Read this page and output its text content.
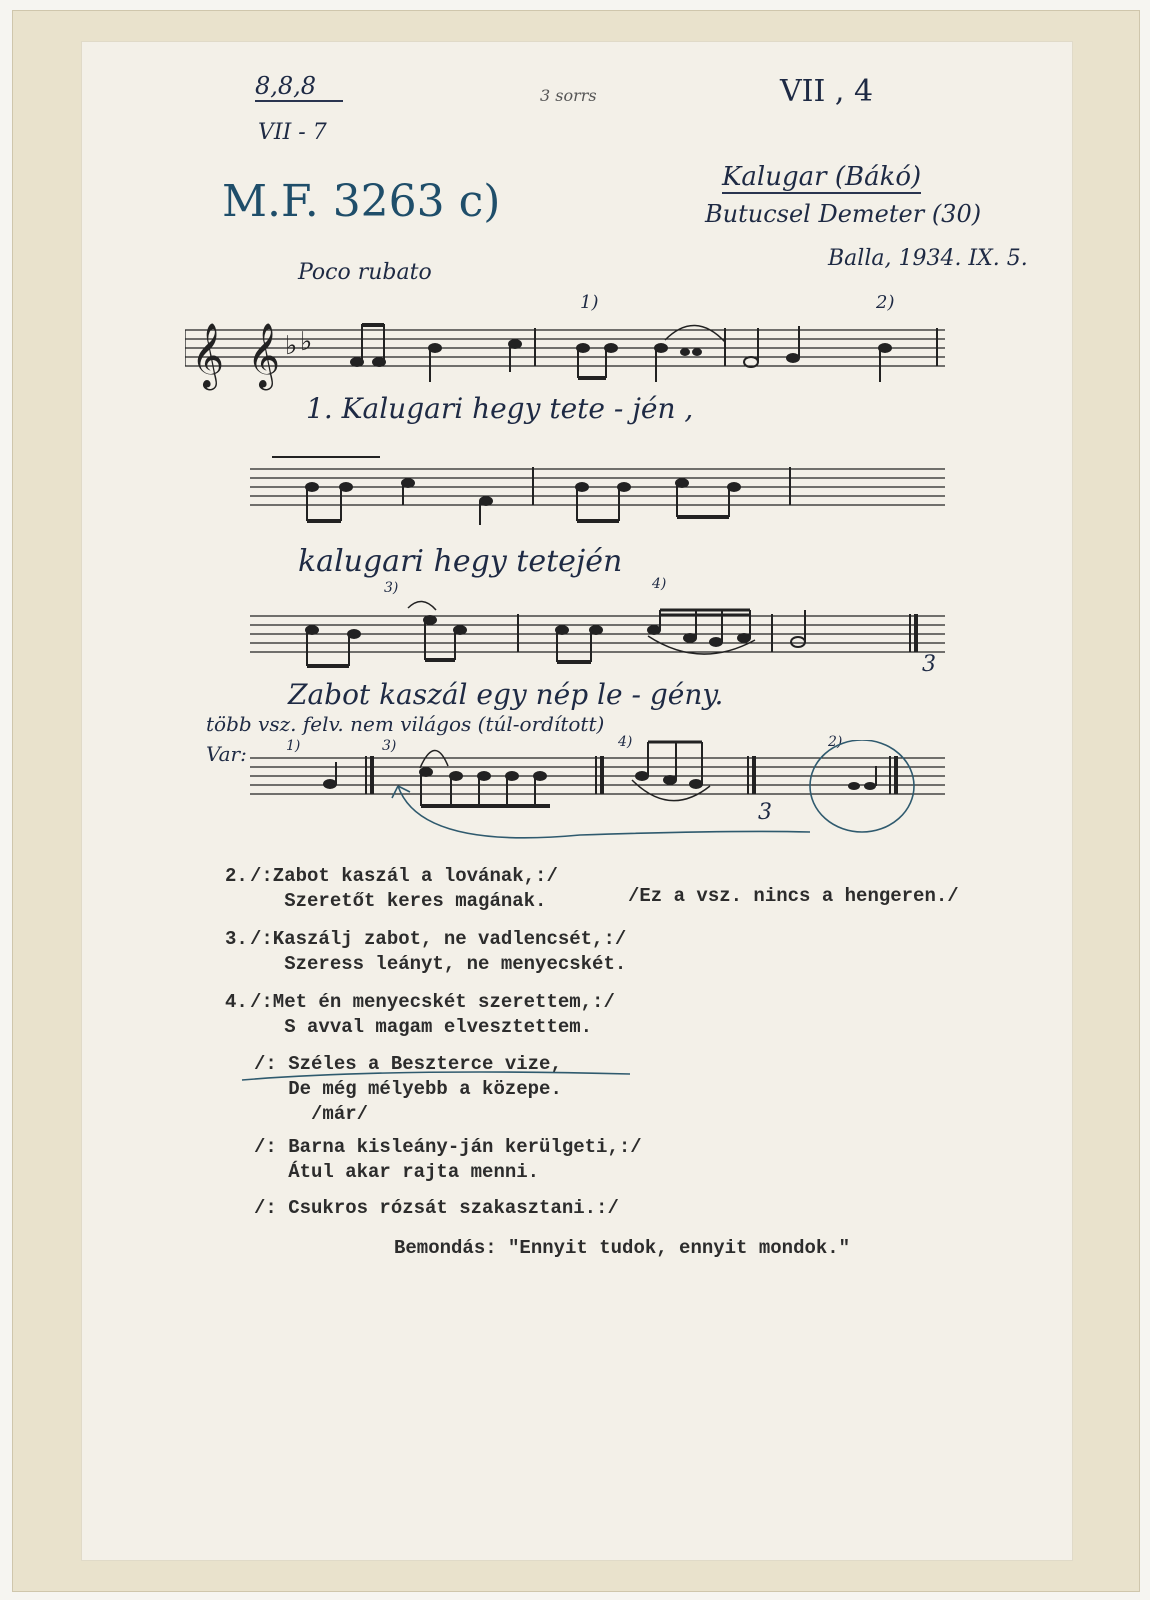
8,8,8
VII - 7
3 sorrs	VII , 4
M.F. 3263 c)	Kalugar (Bákó)
Butucsel Demeter (30)
Balla, 1934. IX. 5.
Poco rubato
𝄞 𝄞 ♭ ♭
1)	2)
1. Kalugari hegy tete - jén ,
kalugari hegy tetején
3)	4)
Zabot kaszál egy nép le - gény.
3
több vsz. felv. nem világos (túl-ordított)
Var:	1)	3)	4)	2)
3
2. /:Zabot kaszál a lovának,:/
Szeretőt keres magának.	/Ez a vsz. nincs a hengeren./
3. /:Kaszálj zabot, ne vadlencsét,:/
Szeress leányt, ne menyecskét.
4. /:Met én menyecskét szerettem,:/
S avval magam elvesztettem.
/: Széles a Beszterce vize,
De még mélyebb a közepe.
/már/
/: Barna kisleány-ján kerülgeti,:/
Átul akar rajta menni.
/: Csukros rózsát szakasztani.:/
Bemondás: "Ennyit tudok, ennyit mondok."
